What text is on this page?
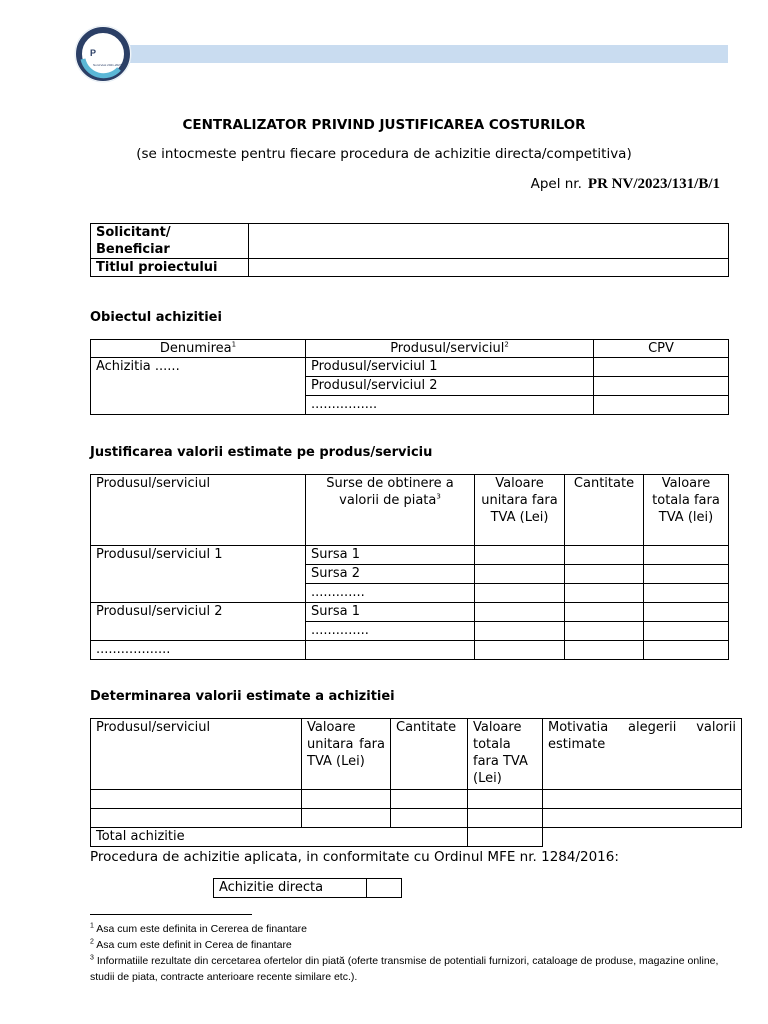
P
Nord-Vest 2021-2027
CENTRALIZATOR PRIVIND JUSTIFICAREA COSTURILOR
(se intocmeste pentru fiecare procedura de achizitie directa/competitiva)
Apel nr. PR NV/2023/131/B/1
Solicitant/ Beneficiar	
Titlul proiectului	
Obiectul achizitiei
Denumirea$^1$	Produsul/serviciul$^2$	CPV
Achizitia ......	Produsul/serviciul 1	
	Produsul/serviciul 2	
	................	
Justificarea valorii estimate pe produs/serviciu
Produsul/serviciul	Surse de obtinere a valorii de piata$^3$	Valoare unitara fara TVA (Lei)	Cantitate	Valoare totala fara TVA (lei)
Produsul/serviciul 1	Sursa 1			
	Sursa 2			
	.............			
Produsul/serviciul 2	Sursa 1			
	..............			
..................				
Determinarea valorii estimate a achizitiei
Produsul/serviciul	Valoare unitara fara TVA (Lei)	Cantitate	Valoare totala fara TVA (Lei)	Motivatia alegerii valorii estimate

Total achizitie				
Procedura de achizitie aplicata, in conformitate cu Ordinul MFE nr. 1284/2016:
Achizitie directa	
$^1$ Asa cum este definita in Cererea de finantare
$^2$ Asa cum este definit in Cerea de finantare
$^3$ Informatiile rezultate din cercetarea ofertelor din piată (oferte transmise de potentiali furnizori, cataloage de produse, magazine online, studii de piata, contracte anterioare recente similare etc.).
